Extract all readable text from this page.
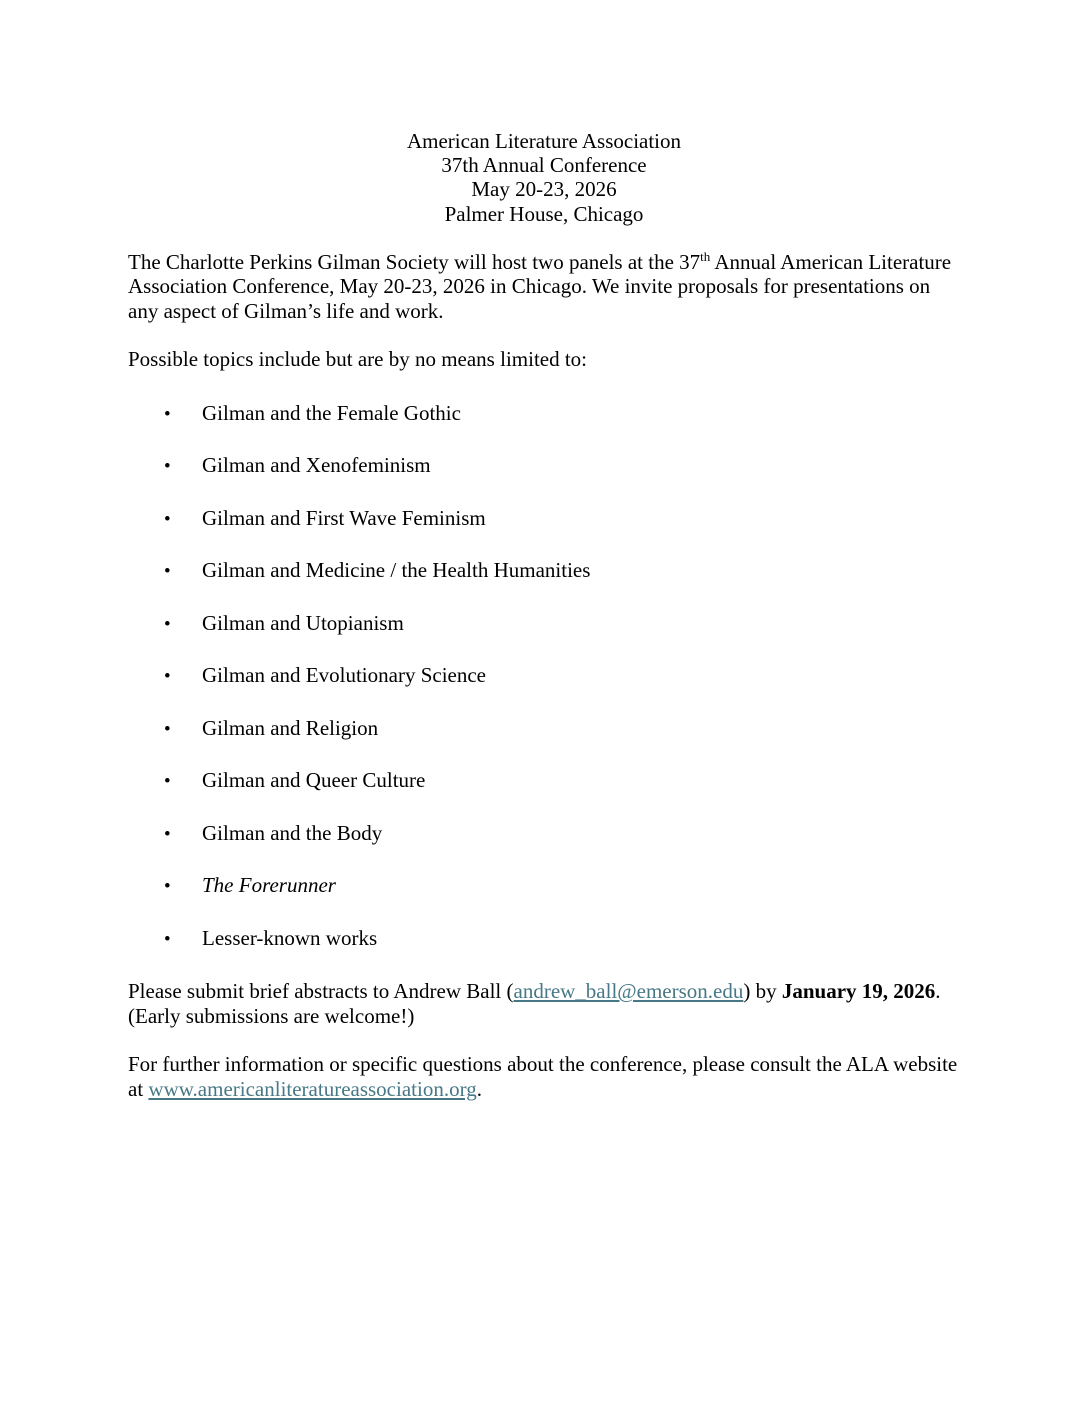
American Literature Association
37th Annual Conference
May 20-23, 2026
Palmer House, Chicago

The Charlotte Perkins Gilman Society will host two panels at the 37th Annual American Literature Association Conference, May 20-23, 2026 in Chicago. We invite proposals for presentations on any aspect of Gilman’s life and work.

Possible topics include but are by no means limited to:

•	Gilman and the Female Gothic
•	Gilman and Xenofeminism
•	Gilman and First Wave Feminism
•	Gilman and Medicine / the Health Humanities
•	Gilman and Utopianism
•	Gilman and Evolutionary Science
•	Gilman and Religion
•	Gilman and Queer Culture
•	Gilman and the Body
•	The Forerunner
•	Lesser-known works

Please submit brief abstracts to Andrew Ball (andrew_ball@emerson.edu) by January 19, 2026. (Early submissions are welcome!)

For further information or specific questions about the conference, please consult the ALA website at www.americanliteratureassociation.org.
